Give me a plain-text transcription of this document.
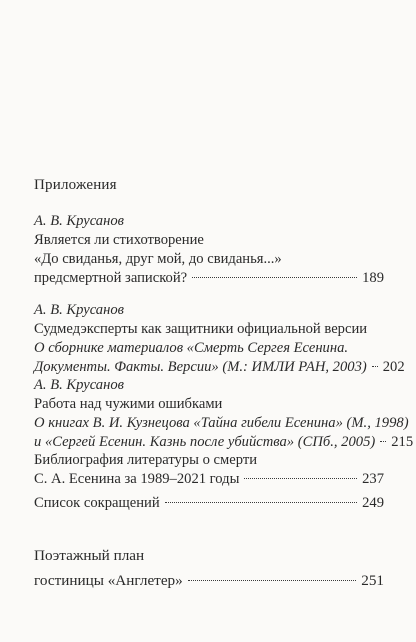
Приложения
А. В. Крусанов
Является ли стихотворение
«До свиданья, друг мой, до свиданья...»
предсмертной запиской?	189
А. В. Крусанов
Судмедэксперты как защитники официальной версии
О сборнике материалов «Смерть Сергея Есенина.
Документы. Факты. Версии» (М.: ИМЛИ РАН, 2003) 202
А. В. Крусанов
Работа над чужими ошибками
О книгах В. И. Кузнецова «Тайна гибели Есенина» (М., 1998)
и «Сергей Есенин. Казнь после убийства» (СПб., 2005) 215
Библиография литературы о смерти
С. А. Есенина за 1989–2021 годы	237
Список сокращений	249
Поэтажный план
гостиницы «Англетер»	251
